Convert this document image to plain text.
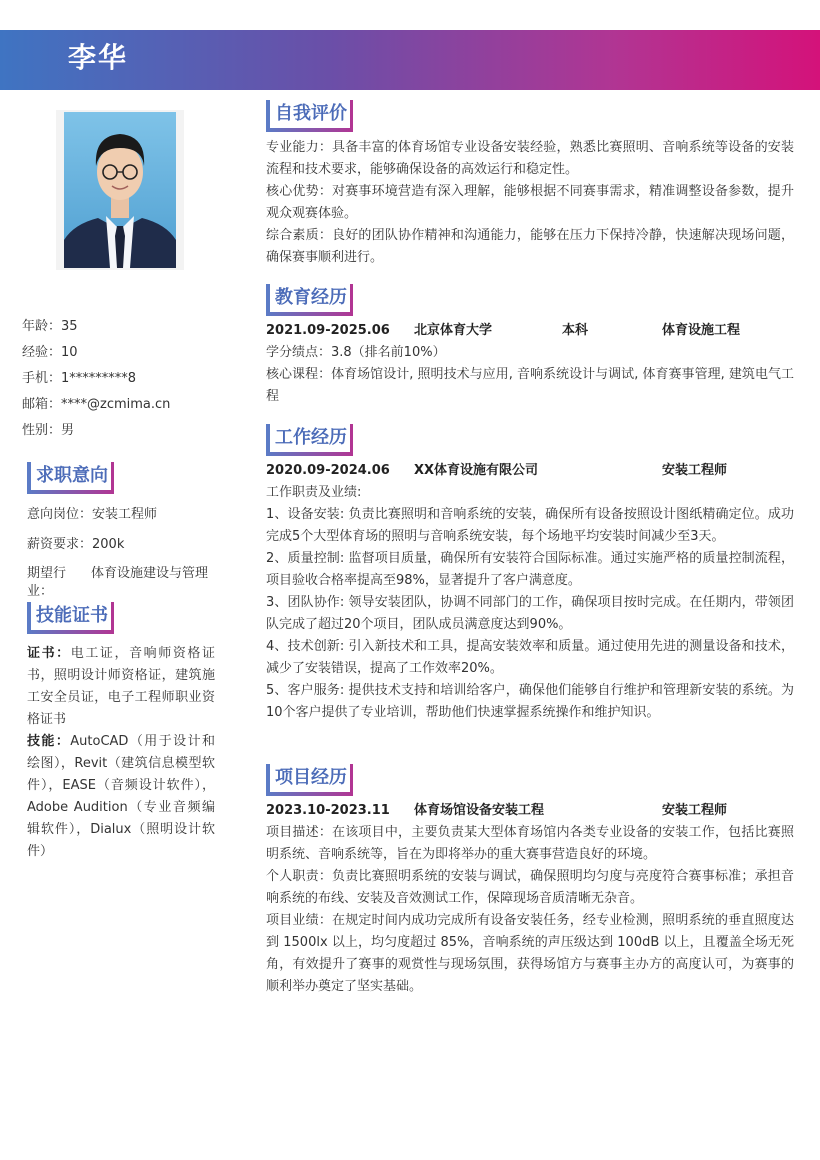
李华
年龄：35
经验：10
手机：1*********8
邮箱：****@zcmima.cn
性别：男
求职意向
意向岗位：安装工程师
薪资要求：200k
期望行业：
体育设施建设与管理
技能证书
证书：电工证，音响师资格证书，照明设计师资格证，建筑施工安全员证，电子工程师职业资格证书
技能：AutoCAD（用于设计和绘图），Revit（建筑信息模型软件），EASE（音频设计软件），Adobe Audition（专业音频编辑软件），Dialux（照明设计软件）
自我评价

专业能力：具备丰富的体育场馆专业设备安装经验，熟悉比赛照明、音响系统等设备的安装流程和技术要求，能够确保设备的高效运行和稳定性。

核心优势：对赛事环境营造有深入理解，能够根据不同赛事需求，精准调整设备参数，提升观众观赛体验。

综合素质：良好的团队协作精神和沟通能力，能够在压力下保持冷静，快速解决现场问题，确保赛事顺利进行。

教育经历
2021.09-2025.06	北京体育大学	本科	体育设施工程

学分绩点：3.8（排名前10%）

核心课程：体育场馆设计, 照明技术与应用, 音响系统设计与调试, 体育赛事管理, 建筑电气工程

工作经历
2020.09-2024.06	XX体育设施有限公司	安装工程师

工作职责及业绩:

1、设备安装: 负责比赛照明和音响系统的安装，确保所有设备按照设计图纸精确定位。成功完成5个大型体育场的照明与音响系统安装，每个场地平均安装时间减少至3天。

2、质量控制: 监督项目质量，确保所有安装符合国际标准。通过实施严格的质量控制流程，项目验收合格率提高至98%，显著提升了客户满意度。

3、团队协作: 领导安装团队，协调不同部门的工作，确保项目按时完成。在任期内，带领团队完成了超过20个项目，团队成员满意度达到90%。

4、技术创新: 引入新技术和工具，提高安装效率和质量。通过使用先进的测量设备和技术，减少了安装错误，提高了工作效率20%。

5、客户服务: 提供技术支持和培训给客户，确保他们能够自行维护和管理新安装的系统。为10个客户提供了专业培训，帮助他们快速掌握系统操作和维护知识。

项目经历
2023.10-2023.11	体育场馆设备安装工程	安装工程师

项目描述：在该项目中，主要负责某大型体育场馆内各类专业设备的安装工作，包括比赛照明系统、音响系统等，旨在为即将举办的重大赛事营造良好的环境。

个人职责：负责比赛照明系统的安装与调试，确保照明均匀度与亮度符合赛事标准；承担音响系统的布线、安装及音效测试工作，保障现场音质清晰无杂音。

项目业绩：在规定时间内成功完成所有设备安装任务，经专业检测，照明系统的垂直照度达到 1500lx 以上，均匀度超过 85%，音响系统的声压级达到 100dB 以上，且覆盖全场无死角，有效提升了赛事的观赏性与现场氛围，获得场馆方与赛事主办方的高度认可，为赛事的顺利举办奠定了坚实基础。
